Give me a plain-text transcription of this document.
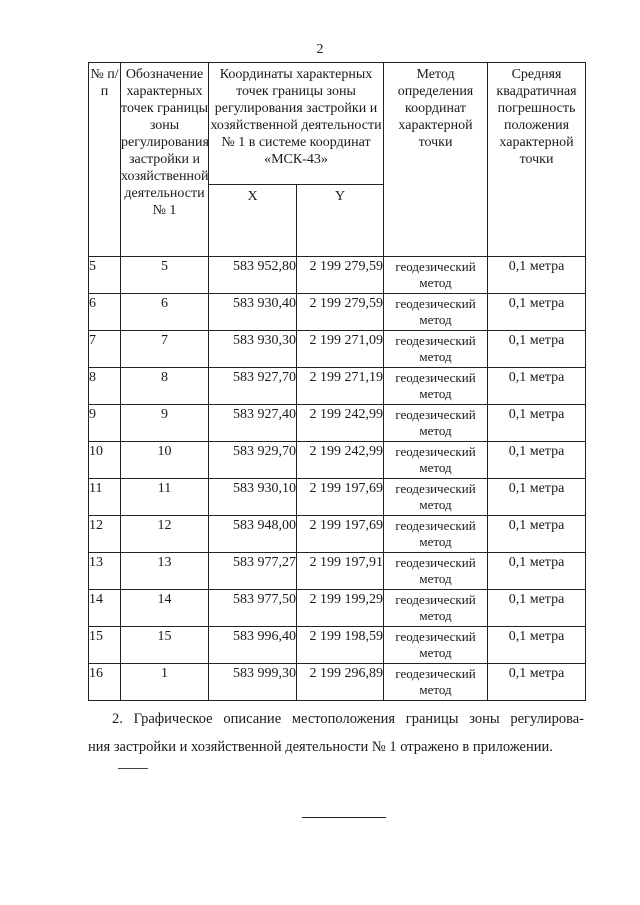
2
№ п/п	Обозначение характерных точек границы зоны регулирования застройки и хозяйственной деятельности № 1	Координаты характерных точек границы зоны регулирования застройки и хозяйственной деятельности № 1 в системе координат «МСК-43»		Метод определения координат характерной точки	Средняя квадратичная погрешность положения характерной точки
		X	Y		
5	5	583 952,80	2 199 279,59	геодезический метод	0,1 метра
6	6	583 930,40	2 199 279,59	геодезический метод	0,1 метра
7	7	583 930,30	2 199 271,09	геодезический метод	0,1 метра
8	8	583 927,70	2 199 271,19	геодезический метод	0,1 метра
9	9	583 927,40	2 199 242,99	геодезический метод	0,1 метра
10	10	583 929,70	2 199 242,99	геодезический метод	0,1 метра
11	11	583 930,10	2 199 197,69	геодезический метод	0,1 метра
12	12	583 948,00	2 199 197,69	геодезический метод	0,1 метра
13	13	583 977,27	2 199 197,91	геодезический метод	0,1 метра
14	14	583 977,50	2 199 199,29	геодезический метод	0,1 метра
15	15	583 996,40	2 199 198,59	геодезический метод	0,1 метра
16	1	583 999,30	2 199 296,89	геодезический метод	0,1 метра

2. Графическое описание местоположения границы зоны регулирова-

ния застройки и хозяйственной деятельности № 1 отражено в приложении.
